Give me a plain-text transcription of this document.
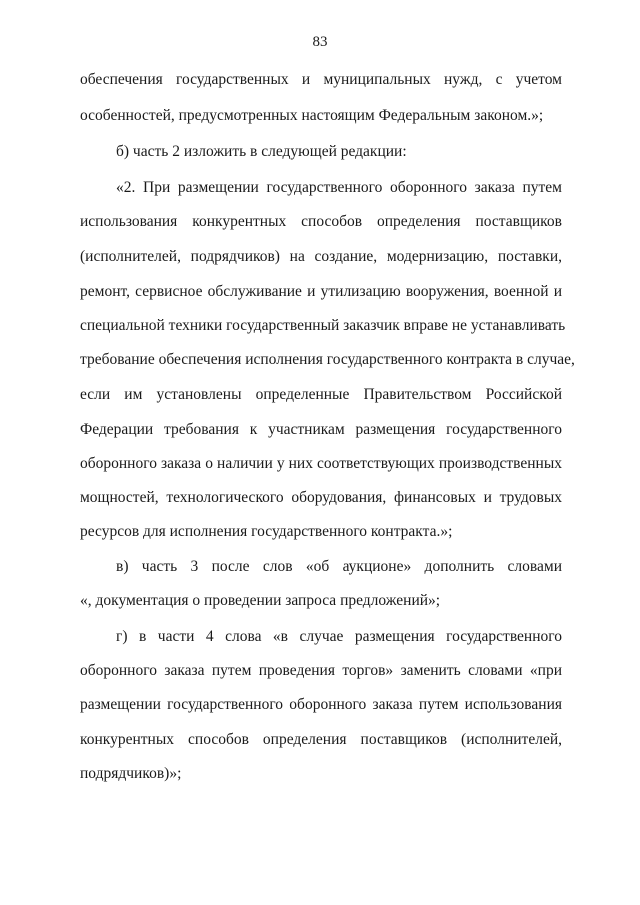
83
обеспечения государственных и муниципальных нужд, с учетом
особенностей, предусмотренных настоящим Федеральным законом.»;
б) часть 2 изложить в следующей редакции:
«2. При размещении государственного оборонного заказа путем
использования конкурентных способов определения поставщиков
(исполнителей, подрядчиков) на создание, модернизацию, поставки,
ремонт, сервисное обслуживание и утилизацию вооружения, военной и
специальной техники государственный заказчик вправе не устанавливать
требование обеспечения исполнения государственного контракта в случае,
если им установлены определенные Правительством Российской
Федерации требования к участникам размещения государственного
оборонного заказа о наличии у них соответствующих производственных
мощностей, технологического оборудования, финансовых и трудовых
ресурсов для исполнения государственного контракта.»;
в) часть 3 после слов «об аукционе» дополнить словами
«, документация о проведении запроса предложений»;
г) в части 4 слова «в случае размещения государственного
оборонного заказа путем проведения торгов» заменить словами «при
размещении государственного оборонного заказа путем использования
конкурентных способов определения поставщиков (исполнителей,
подрядчиков)»;
